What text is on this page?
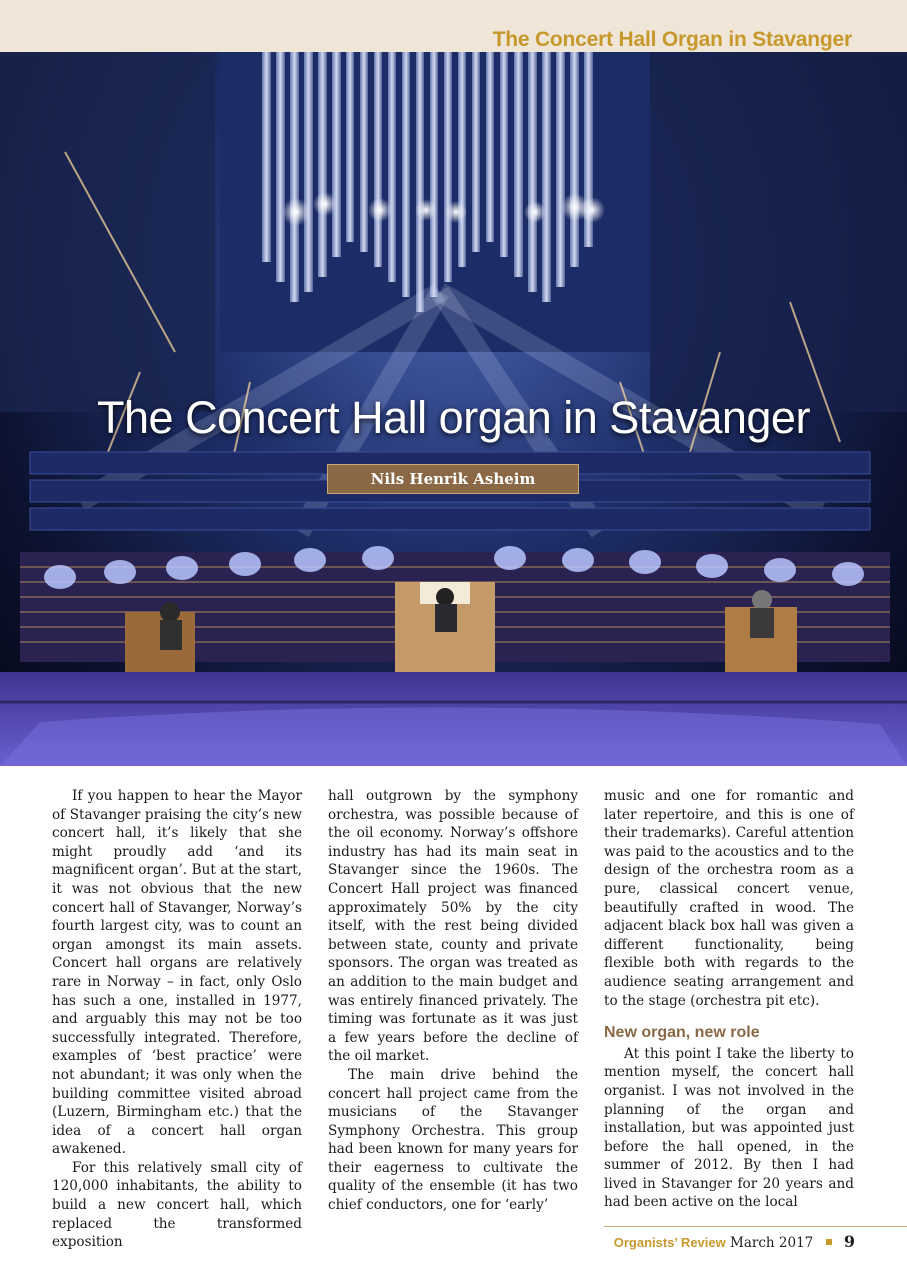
The Concert Hall Organ in Stavanger
The Concert Hall organ in Stavanger
Nils Henrik Asheim

If you happen to hear the Mayor of Stavanger praising the city’s new concert hall, it’s likely that she might proudly add ‘and its magnificent organ’. But at the start, it was not obvious that the new concert hall of Stavanger, Norway’s fourth largest city, was to count an organ amongst its main assets. Concert hall organs are relatively rare in Norway – in fact, only Oslo has such a one, installed in 1977, and arguably this may not be too successfully integrated. Therefore, examples of ‘best practice’ were not abundant; it was only when the building committee visited abroad (Luzern, Birmingham etc.) that the idea of a concert hall organ awakened.

For this relatively small city of 120,000 inhabitants, the ability to build a new concert hall, which replaced the transformed exposition

hall outgrown by the symphony orchestra, was possible because of the oil economy. Norway’s offshore industry has had its main seat in Stavanger since the 1960s. The Concert Hall project was financed approximately 50% by the city itself, with the rest being divided between state, county and private sponsors. The organ was treated as an addition to the main budget and was entirely financed privately. The timing was fortunate as it was just a few years before the decline of the oil market.

The main drive behind the concert hall project came from the musicians of the Stavanger Symphony Orchestra. This group had been known for many years for their eagerness to cultivate the quality of the ensemble (it has two chief conductors, one for ‘early’

music and one for romantic and later repertoire, and this is one of their trademarks). Careful attention was paid to the acoustics and to the design of the orchestra room as a pure, classical concert venue, beautifully crafted in wood. The adjacent black box hall was given a different functionality, being flexible both with regards to the audience seating arrangement and to the stage (orchestra pit etc).

New organ, new role

At this point I take the liberty to mention myself, the concert hall organist. I was not involved in the planning of the organ and installation, but was appointed just before the hall opened, in the summer of 2012. By then I had lived in Stavanger for 20 years and had been active on the local

Organists’ Review March 2017 9
